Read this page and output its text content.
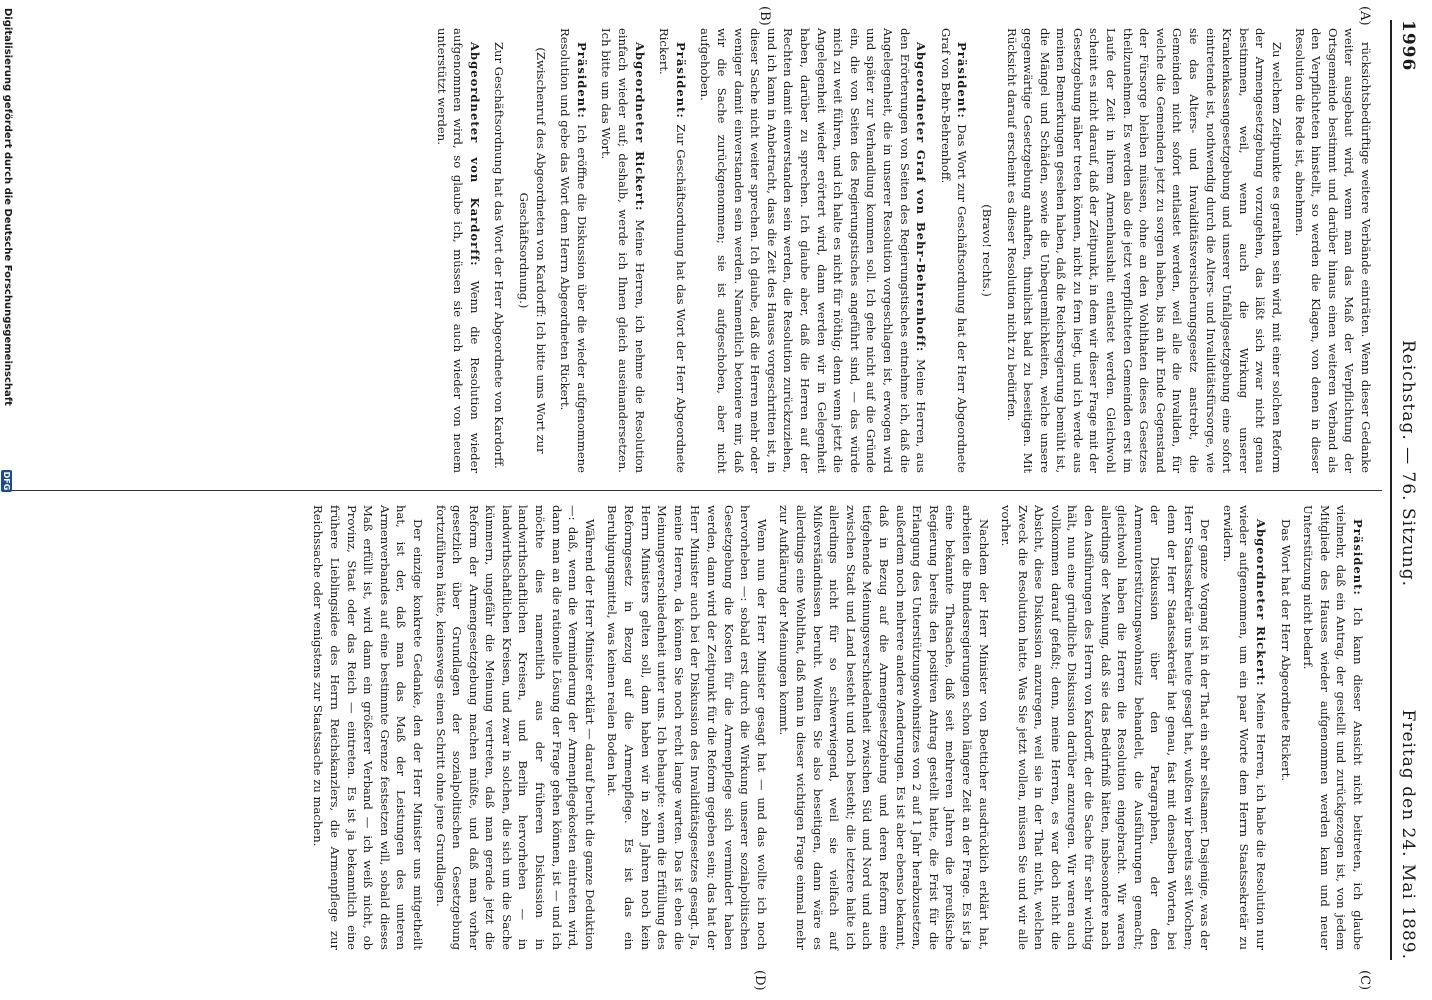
1996
Reichstag. — 76. Sitzung.
Freitag den 24. Mai 1889.
(A)
(B)
(C)
(D)

rücksichtsbedürftige weitere Verbände einträten. Wenn dieser Gedanke weiter ausgebaut wird, wenn man das Maß der Verpflichtung der Ortsgemeinde bestimmt und darüber hinaus einen weiteren Verband als den Verpflichteten hinstellt, so werden die Klagen, von denen in dieser Resolution die Rede ist, abnehmen.

Zu welchem Zeitpunkte es gerathen sein wird, mit einer solchen Reform der Armengesetzgebung vorzugehen, das läßt sich zwar nicht genau bestimmen, weil, wenn auch die Wirkung unserer Krankenkassengesetzgebung und unserer Unfallgesetzgebung eine sofort eintretende ist, nothwendig durch die Alters- und Invaliditätsfürsorge, wie sie das Alters- und Invaliditätsversicherungsgesetz anstrebt, die Gemeinden nicht sofort entlastet werden, weil alle die Invaliden, für welche die Gemeinden jetzt zu sorgen haben, bis an ihr Ende Gegenstand der Fürsorge bleiben müssen, ohne an den Wohlthaten dieses Gesetzes theilzunehmen. Es werden also die jetzt verpflichteten Gemeinden erst im Laufe der Zeit in ihrem Armenhaushalt entlastet werden. Gleichwohl scheint es nicht darauf, daß der Zeitpunkt, in dem wir dieser Frage mit der Gesetzgebung näher treten können, nicht zu fern liegt, und ich werde aus meinen Bemerkungen gesehen haben, daß die Reichsregierung bemüht ist, die Mängel und Schäden, sowie die Unbequemlichkeiten, welche unsere gegenwärtige Gesetzgebung anhaften, thunlichst bald zu beseitigen. Mit Rücksicht darauf erscheint es dieser Resolution nicht zu bedürfen.

(Bravo! rechts.)

Präsident: Das Wort zur Geschäftsordnung hat der Herr Abgeordnete Graf von Behr-Behrenhoff.

Abgeordneter Graf von Behr-Behrenhoff: Meine Herren, aus den Erörterungen von Seiten des Regierungstisches entnehme ich, daß die Angelegenheit, die in unserer Resolution vorgeschlagen ist, erwogen wird und später zur Verhandlung kommen soll. Ich gehe nicht auf die Gründe ein, die von Seiten des Regierungstisches angeführt sind, — das würde mich zu weit führen, und ich halte es nicht für nöthig; denn wenn jetzt die Angelegenheit wieder erörtert wird, dann werden wir in Gelegenheit haben, darüber zu sprechen. Ich glaube aber, daß die Herren auf der Rechten damit einverstanden sein werden, die Resolution zurückzuziehen, und ich kann in Anbetracht, dass die Zeit des Hauses vorgeschritten ist, in dieser Sache nicht weiter sprechen. Ich glaube, daß die Herren mehr oder weniger damit einverstanden sein werden. Namentlich betoniere mir, daß wir die Sache zurückgenommen; sie ist aufgeschoben, aber nicht aufgehoben.

Präsident: Zur Geschäftsordnung hat das Wort der Herr Abgeordnete Rickert.

Abgeordneter Rickert: Meine Herren, ich nehme die Resolution einfach wieder auf; deshalb, werde ich Ihnen gleich auseinandersetzen. Ich bitte um das Wort.

Präsident: Ich eröffne die Diskussion über die wieder aufgenommene Resolution und gebe das Wort dem Herrn Abgeordneten Rickert.

(Zwischenruf des Abgeordneten von Kardorff: Ich bitte ums Wort zur Geschäftsordnung.)

Zur Geschäftsordnung hat das Wort der Herr Abgeordnete von Kardorff.

Abgeordneter von Kardorff: Wenn die Resolution wieder aufgenommen wird, so glaube ich, müssen sie auch wieder von neuem unterstützt werden.

Präsident: Ich kann dieser Ansicht nicht beitreten, ich glaube vielmehr, daß ein Antrag, der gestellt und zurückgezogen ist, von jedem Mitgliede des Hauses wieder aufgenommen werden kann und neuer Unterstützung nicht bedarf.

Das Wort hat der Herr Abgeordnete Rickert.

Abgeordneter Rickert: Meine Herren, ich habe die Resolution nur wieder aufgenommen, um ein paar Worte dem Herrn Staatssekretär zu erwidern.

Der ganze Vorgang ist in der That ein sehr seltsamer. Dasjenige, was der Herr Staatssekretär uns heute gesagt hat, wußten wir bereits seit Wochen; denn der Herr Staatssekretär hat genau, fast mit denselben Worten, bei der Diskussion über den Paragraphen, der den Armenunterstützungswohnsitz behandelt, die Ausführungen gemacht; gleichwohl haben die Herren die Resolution eingebracht. Wir waren allerdings der Meinung, daß sie das Bedürfniß hätten, insbesondere nach den Ausführungen des Herrn von Kardorff, der die Sache für sehr wichtig hält, nun eine gründliche Diskussion darüber anzuregen. Wir waren auch vollkommen darauf gefaßt; denn, meine Herren, es war doch nicht die Absicht, diese Diskussion anzuregen, weil sie in der That nicht, welchen Zweck die Resolution hatte. Was Sie jetzt wollen, müssen Sie und wir alle vorher.

Nachdem der Herr Minister von Boetticher ausdrücklich erklärt hat, arbeiten die Bundesregierungen schon längere Zeit an der Frage. Es ist ja eine bekannte Thatsache, daß seit mehreren Jahren die preußische Regierung bereits den positiven Antrag gestellt hatte, die Frist für die Erlangung des Unterstützungswohnsitzes von 2 auf 1 Jahr herabzusetzen, außerdem noch mehrere andere Aenderungen. Es ist aber ebenso bekannt, daß in Bezug auf die Armengesetzgebung und deren Reform eine tiefgehende Meinungsverschiedenheit zwischen Süd und Nord und auch zwischen Stadt und Land besteht und noch besteht; die letztere halte ich allerdings nicht für so schwerwiegend, weil sie vielfach auf Mißverständnissen beruht. Wollten Sie also beseitigen, dann wäre es allerdings eine Wohlthat, daß man in dieser wichtigen Frage einmal mehr zur Aufklärung der Meinungen kommt.

Wenn nun der Herr Minister gesagt hat — und das wollte ich noch hervorheben —: sobald erst durch die Wirkung unserer sozialpolitischen Gesetzgebung die Kosten für die Armenpflege sich vermindert haben werden, dann wird der Zeitpunkt für die Reform gegeben sein; das hat der Herr Minister auch bei der Diskussion des Invaliditätsgesetzes gesagt. Ja, meine Herren, da können Sie noch recht lange warten. Das ist eben die Meinungsverschiedenheit unter uns. Ich behaupte: wenn die Erfüllung des Herrn Ministers gelten soll, dann haben wir in zehn Jahren noch kein Reformgesetz in Bezug auf die Armenpflege. Es ist das ein Beruhigungsmittel, was keinen realen Boden hat.

Während der Herr Minister erklärt — darauf beruht die ganze Deduktion —: daß, wenn die Verminderung der Armenpflegekosten eintreten wird, dann man an die rationelle Lösung der Frage gehen können, ist — und ich möchte dies namentlich aus der früheren Diskussion in landwirthschaftlichen Kreisen, und Berlin hervorheben — in landwirthschaftlichen Kreisen, und zwar in solchen, die sich um die Sache kümmern, ungefähr die Meinung vertreten, daß man gerade jetzt die Reform der Armengesetzgebung machen müßte, und daß man vorher gesetzlich über Grundlagen der sozialpolitischen Gesetzgebung fortzuführen hätte, keineswegs einen Schritt ohne jene Grundlagen.

Der einzige konkrete Gedanke, den der Herr Minister uns mitgetheilt hat, ist der, daß man das Maß der Leistungen des unteren Armenverbandes auf eine bestimmte Grenze festsetzen will, sobald dieses Maß erfüllt ist, wird dann ein größerer Verband — ich weiß nicht, ob Provinz, Staat oder das Reich — eintreten. Es ist ja bekanntlich eine frühere Lieblingsidee des Herrn Reichskanzlers, die Armenpflege zur Reichssache oder wenigstens zur Staatssache zu machen.

Digitalisierung gefördert durch die Deutsche Forschungsgemeinschaft
DFG
